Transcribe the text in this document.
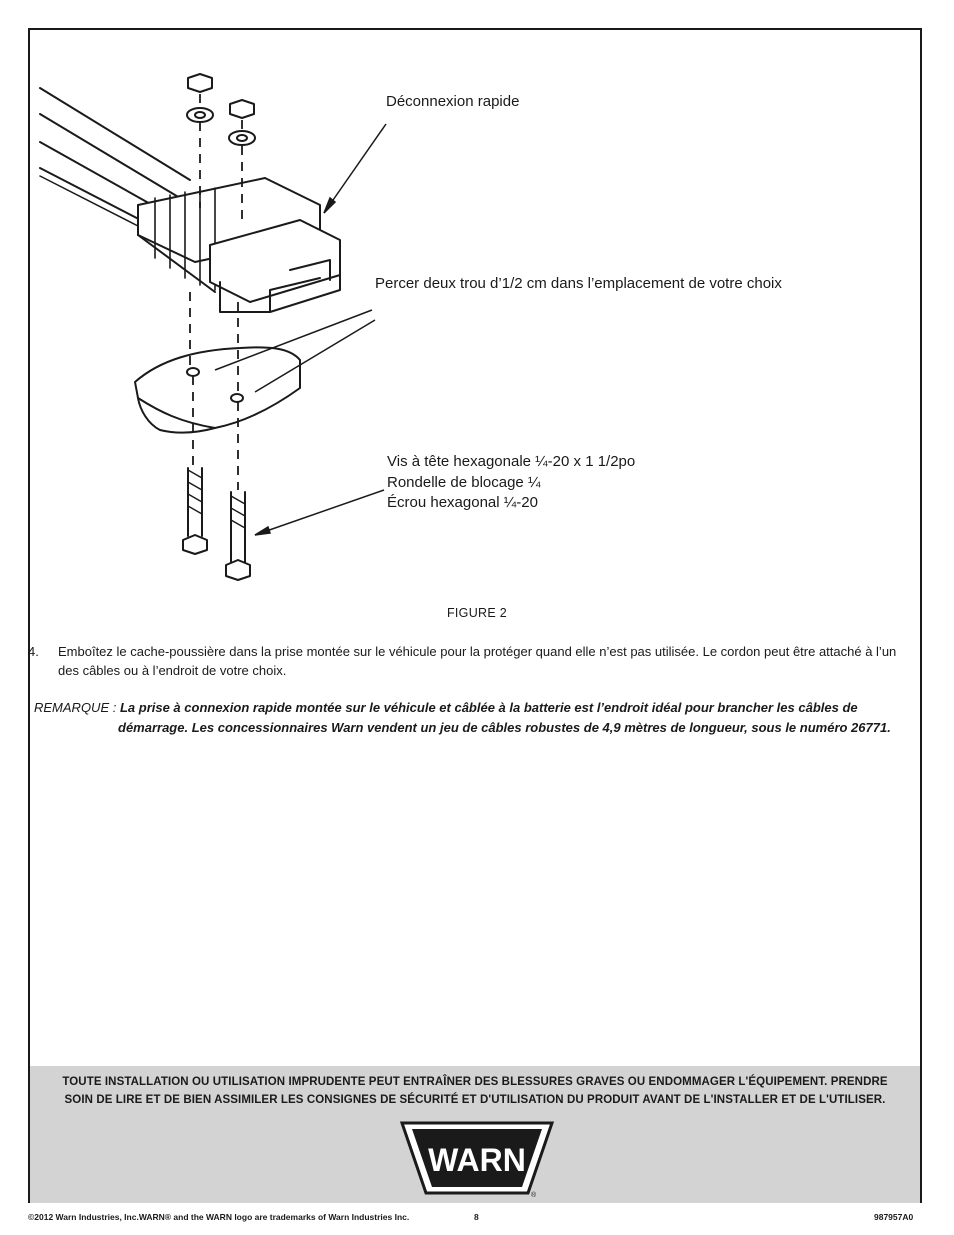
Déconnexion rapide
Percer deux trou d’1/2 cm dans l’emplacement de votre choix
Vis à tête hexagonale ¼-20 x 1 1/2po
Rondelle de blocage ¼
Écrou hexagonal ¼-20
FIGURE 2
4. Emboîtez le cache-poussière dans la prise montée sur le véhicule pour la protéger quand elle n’est pas utilisée. Le cordon peut être attaché à l’un des câbles ou à l’endroit de votre choix.
REMARQUE : La prise à connexion rapide montée sur le véhicule et câblée à la batterie est l’endroit idéal pour brancher les câbles de démarrage. Les concessionnaires Warn vendent un jeu de câbles robustes de 4,9 mètres de longueur, sous le numéro 26771.
TOUTE INSTALLATION OU UTILISATION IMPRUDENTE PEUT ENTRAÎNER DES BLESSURES GRAVES OU ENDOMMAGER L'ÉQUIPEMENT. PRENDRE
SOIN DE LIRE ET DE BIEN ASSIMILER LES CONSIGNES DE SÉCURITÉ ET D'UTILISATION DU PRODUIT AVANT DE L'INSTALLER ET DE L'UTILISER.
WARN
®
©2012 Warn Industries, Inc.WARN® and the WARN logo are trademarks of Warn Industries Inc.	8	987957A0
